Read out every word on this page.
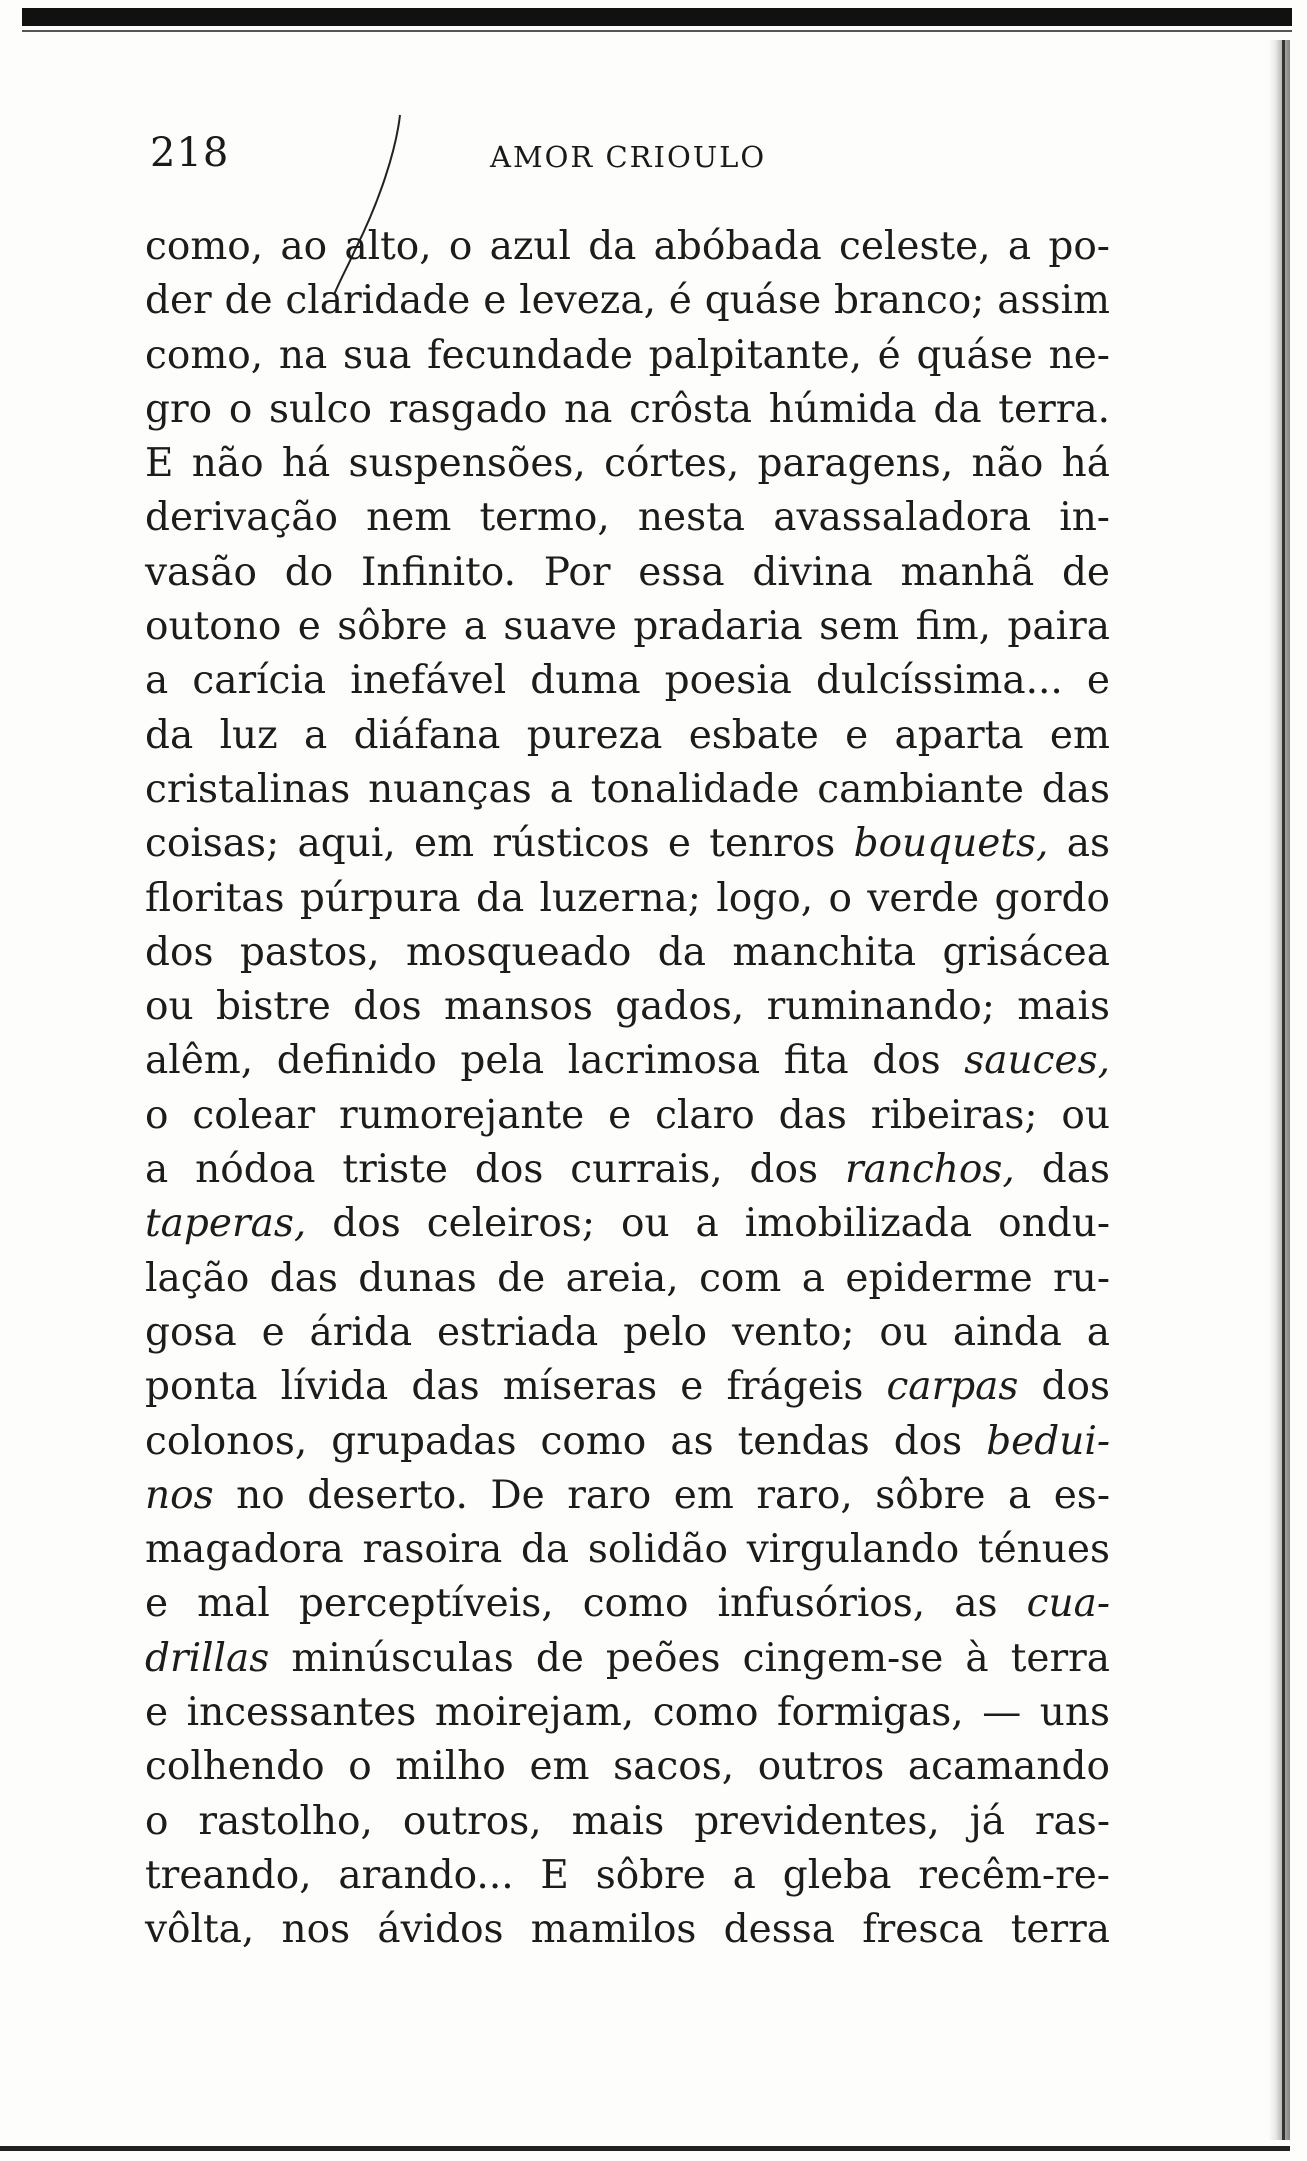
218	AMOR CRIOULO
como, ao alto, o azul da abóbada celeste, a po-
der de claridade e leveza, é quáse branco; assim
como, na sua fecundade palpitante, é quáse ne-
gro o sulco rasgado na crôsta húmida da terra.
E não há suspensões, córtes, paragens, não há
derivação nem termo, nesta avassaladora in-
vasão do Infinito. Por essa divina manhã de
outono e sôbre a suave pradaria sem fim, paira
a carícia inefável duma poesia dulcíssima... e
da luz a diáfana pureza esbate e aparta em
cristalinas nuanças a tonalidade cambiante das
coisas; aqui, em rústicos e tenros bouquets, as
floritas púrpura da luzerna; logo, o verde gordo
dos pastos, mosqueado da manchita grisácea
ou bistre dos mansos gados, ruminando; mais
alêm, definido pela lacrimosa fita dos sauces,
o colear rumorejante e claro das ribeiras; ou
a nódoa triste dos currais, dos ranchos, das
taperas, dos celeiros; ou a imobilizada ondu-
lação das dunas de areia, com a epiderme ru-
gosa e árida estriada pelo vento; ou ainda a
ponta lívida das míseras e frágeis carpas dos
colonos, grupadas como as tendas dos bedui-
nos no deserto. De raro em raro, sôbre a es-
magadora rasoira da solidão virgulando ténues
e mal perceptíveis, como infusórios, as cua-
drillas minúsculas de peões cingem-se à terra
e incessantes moirejam, como formigas, — uns
colhendo o milho em sacos, outros acamando
o rastolho, outros, mais previdentes, já ras-
treando, arando... E sôbre a gleba recêm-re-
vôlta, nos ávidos mamilos dessa fresca terra
